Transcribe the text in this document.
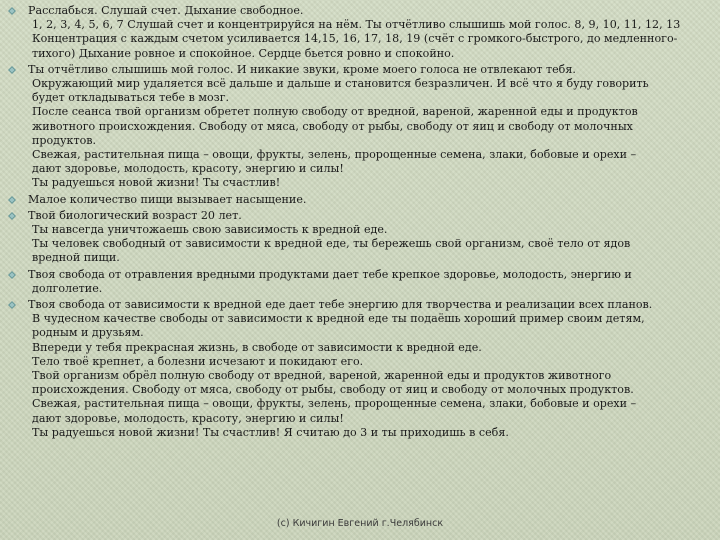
Расслабься. Слушай счет. Дыхание свободное.
1, 2, 3, 4, 5, 6, 7 Слушай счет и концентрируйся на нём. Ты отчётливо слышишь мой голос. 8, 9, 10, 11, 12, 13
Концентрация с каждым счетом усиливается 14,15, 16, 17, 18, 19 (счёт с громкого-быстрого, до медленного-
тихого) Дыхание ровное и спокойное. Сердце бьется ровно и спокойно.
Ты отчётливо слышишь мой голос. И никакие звуки, кроме моего голоса не отвлекают тебя.
Окружающий мир удаляется всё дальше и дальше и становится безразличен. И всё что я буду говорить
будет откладываться тебе в мозг.
После сеанса твой организм обретет полную свободу от вредной, вареной, жаренной еды и продуктов
животного происхождения. Свободу от мяса, свободу от рыбы, свободу от яиц и свободу от молочных
продуктов.
Свежая, растительная пища – овощи, фрукты, зелень, пророщенные семена, злаки, бобовые и орехи –
дают здоровье, молодость, красоту, энергию и силы!
Ты радуешься новой жизни! Ты счастлив!
Малое количество пищи вызывает насыщение.
Твой биологический возраст 20 лет.
Ты навсегда уничтожаешь свою зависимость к вредной еде.
Ты человек свободный от зависимости к вредной еде, ты бережешь свой организм, своё тело от ядов
вредной пищи.
Твоя свобода от отравления вредными продуктами дает тебе крепкое здоровье, молодость, энергию и
долголетие.
Твоя свобода от зависимости к вредной еде дает тебе энергию для творчества и реализации всех планов.
В чудесном качестве свободы от зависимости к вредной еде ты подаёшь хороший пример своим детям,
родным и друзьям.
Впереди у тебя прекрасная жизнь, в свободе от зависимости к вредной еде.
Тело твоё крепнет, а болезни исчезают и покидают его.
Твой организм обрёл полную свободу от вредной, вареной, жаренной еды и продуктов животного
происхождения. Свободу от мяса, свободу от рыбы, свободу от яиц и свободу от молочных продуктов.
Свежая, растительная пища – овощи, фрукты, зелень, пророщенные семена, злаки, бобовые и орехи –
дают здоровье, молодость, красоту, энергию и силы!
Ты радуешься новой жизни! Ты счастлив! Я считаю до 3 и ты приходишь в себя.
(с) Кичигин Евгений г.Челябинск
